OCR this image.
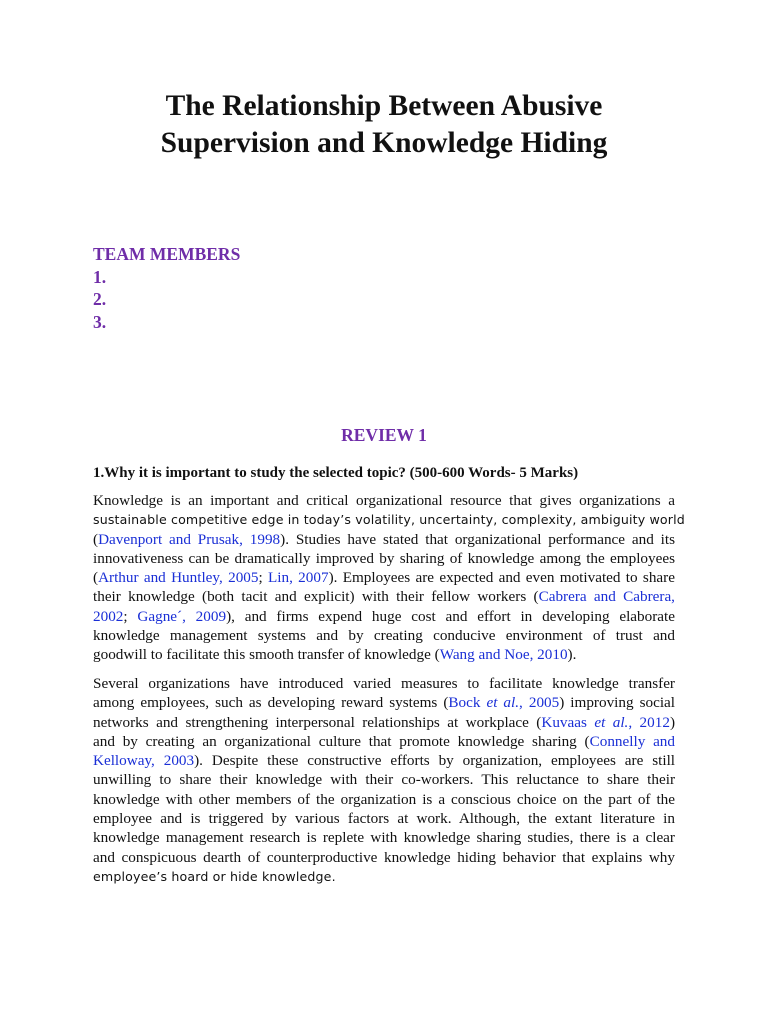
The Relationship Between Abusive
Supervision and Knowledge Hiding
TEAM MEMBERS
1.
2.
3.
REVIEW 1
1.Why it is important to study the selected topic? (500-600 Words- 5 Marks)
Knowledge is an important and critical organizational resource that gives organizations a
sustainable competitive edge in today’s volatility, uncertainty, complexity, ambiguity world
(Davenport and Prusak, 1998). Studies have stated that organizational performance and its
innovativeness can be dramatically improved by sharing of knowledge among the employees
(Arthur and Huntley, 2005; Lin, 2007). Employees are expected and even motivated to share
their knowledge (both tacit and explicit) with their fellow workers (Cabrera and Cabrera,
2002; Gagne´, 2009), and firms expend huge cost and effort in developing elaborate
knowledge management systems and by creating conducive environment of trust and
goodwill to facilitate this smooth transfer of knowledge (Wang and Noe, 2010).
Several organizations have introduced varied measures to facilitate knowledge transfer
among employees, such as developing reward systems (Bock et al., 2005) improving social
networks and strengthening interpersonal relationships at workplace (Kuvaas et al., 2012)
and by creating an organizational culture that promote knowledge sharing (Connelly and
Kelloway, 2003). Despite these constructive efforts by organization, employees are still
unwilling to share their knowledge with their co-workers. This reluctance to share their
knowledge with other members of the organization is a conscious choice on the part of the
employee and is triggered by various factors at work. Although, the extant literature in
knowledge management research is replete with knowledge sharing studies, there is a clear
and conspicuous dearth of counterproductive knowledge hiding behavior that explains why
employee’s hoard or hide knowledge.
